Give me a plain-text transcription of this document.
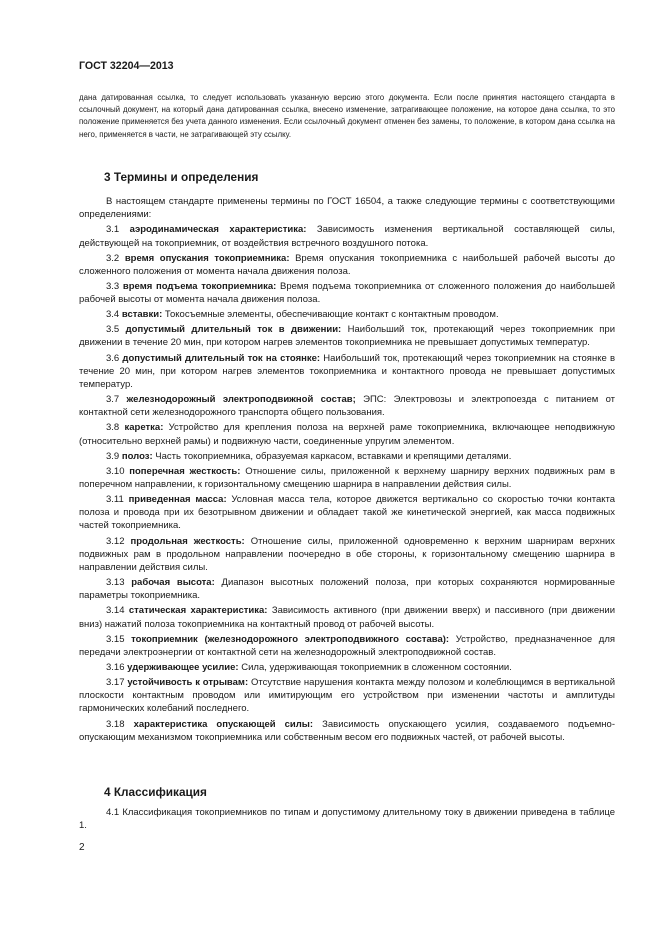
ГОСТ 32204—2013

дана датированная ссылка, то следует использовать указанную версию этого документа. Если после принятия настоящего стандарта в ссылочный документ, на который дана датированная ссылка, внесено изменение, затрагивающее положение, на которое дана ссылка, то это положение применяется без учета данного изменения. Если ссылочный документ отменен без замены, то положение, в котором дана ссылка на него, применяется в части, не затрагивающей эту ссылку.

3 Термины и определения

В настоящем стандарте применены термины по ГОСТ 16504, а также следующие термины с соответствующими определениями:

3.1 аэродинамическая характеристика: Зависимость изменения вертикальной составляющей силы, действующей на токоприемник, от воздействия встречного воздушного потока.

3.2 время опускания токоприемника: Время опускания токоприемника с наибольшей рабочей высоты до сложенного положения от момента начала движения полоза.

3.3 время подъема токоприемника: Время подъема токоприемника от сложенного положения до наибольшей рабочей высоты от момента начала движения полоза.

3.4 вставки: Токосъемные элементы, обеспечивающие контакт с контактным проводом.

3.5 допустимый длительный ток в движении: Наибольший ток, протекающий через токоприемник при движении в течение 20 мин, при котором нагрев элементов токоприемника не превышает допустимых температур.

3.6 допустимый длительный ток на стоянке: Наибольший ток, протекающий через токоприемник на стоянке в течение 20 мин, при котором нагрев элементов токоприемника и контактного провода не превышает допустимых температур.

3.7 железнодорожный электроподвижной состав; ЭПС: Электровозы и электропоезда с питанием от контактной сети железнодорожного транспорта общего пользования.

3.8 каретка: Устройство для крепления полоза на верхней раме токоприемника, включающее неподвижную (относительно верхней рамы) и подвижную части, соединенные упругим элементом.

3.9 полоз: Часть токоприемника, образуемая каркасом, вставками и крепящими деталями.

3.10 поперечная жесткость: Отношение силы, приложенной к верхнему шарниру верхних подвижных рам в поперечном направлении, к горизонтальному смещению шарнира в направлении действия силы.

3.11 приведенная масса: Условная масса тела, которое движется вертикально со скоростью точки контакта полоза и провода при их безотрывном движении и обладает такой же кинетической энергией, как масса подвижных частей токоприемника.

3.12 продольная жесткость: Отношение силы, приложенной одновременно к верхним шарнирам верхних подвижных рам в продольном направлении поочередно в обе стороны, к горизонтальному смещению шарнира в направлении действия силы.

3.13 рабочая высота: Диапазон высотных положений полоза, при которых сохраняются нормированные параметры токоприемника.

3.14 статическая характеристика: Зависимость активного (при движении вверх) и пассивного (при движении вниз) нажатий полоза токоприемника на контактный провод от рабочей высоты.

3.15 токоприемник (железнодорожного электроподвижного состава): Устройство, предназначенное для передачи электроэнергии от контактной сети на железнодорожный электроподвижной состав.

3.16 удерживающее усилие: Сила, удерживающая токоприемник в сложенном состоянии.

3.17 устойчивость к отрывам: Отсутствие нарушения контакта между полозом и колеблющимся в вертикальной плоскости контактным проводом или имитирующим его устройством при изменении частоты и амплитуды гармонических колебаний последнего.

3.18 характеристика опускающей силы: Зависимость опускающего усилия, создаваемого подъемно-опускающим механизмом токоприемника или собственным весом его подвижных частей, от рабочей высоты.

4 Классификация

4.1 Классификация токоприемников по типам и допустимому длительному току в движении приведена в таблице 1.

2
